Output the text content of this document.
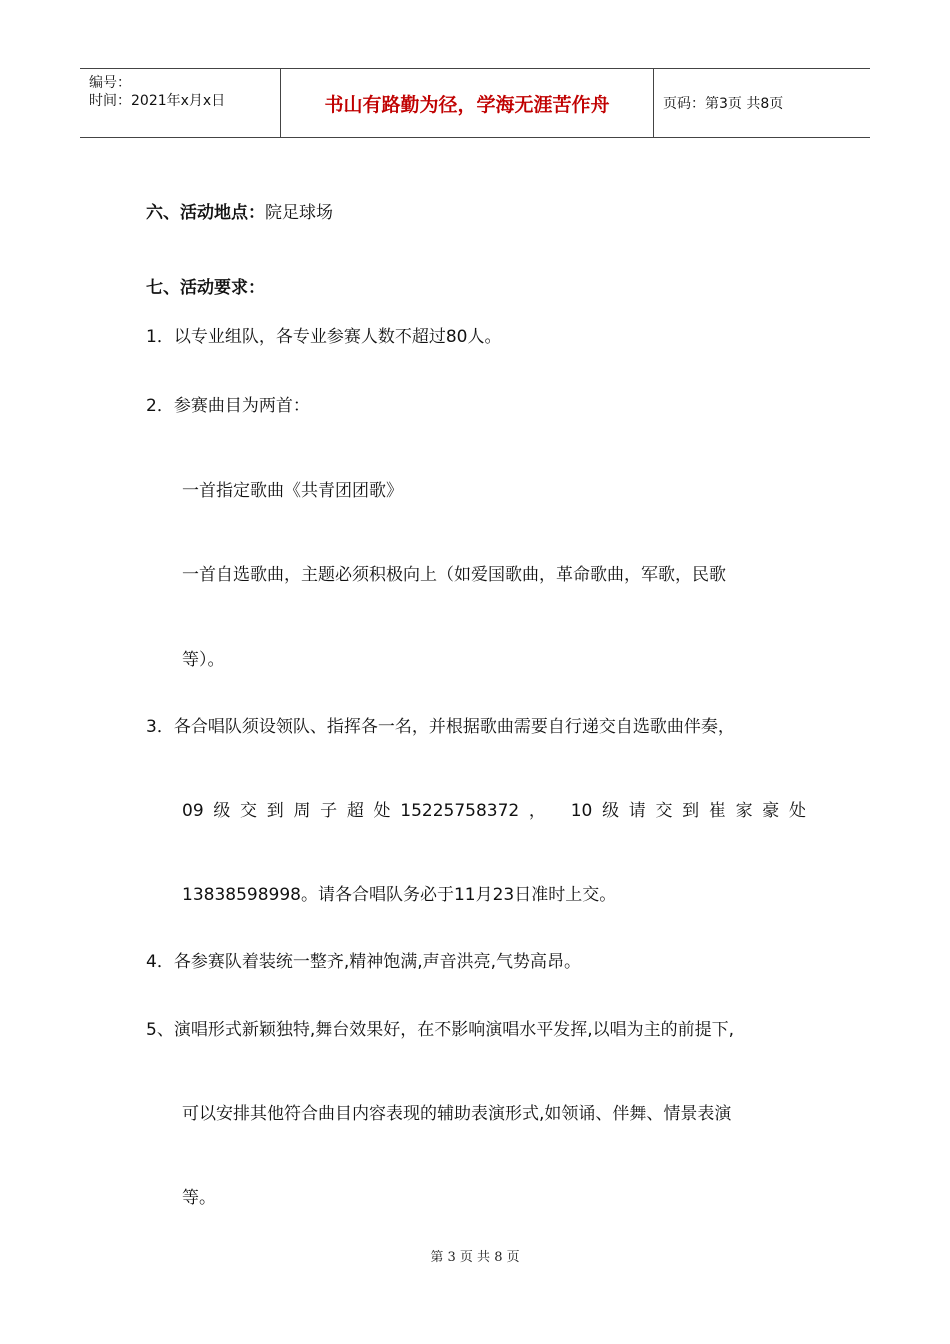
编号：
时间：2021年x月x日	书山有路勤为径，学海无涯苦作舟	页码：第3页 共8页
六、活动地点：院足球场
七、活动要求：
1．以专业组队，各专业参赛人数不超过80人。
2．参赛曲目为两首：
一首指定歌曲《共青团团歌》
一首自选歌曲，主题必须积极向上（如爱国歌曲，革命歌曲，军歌，民歌
等）。
3．各合唱队须设领队、指挥各一名，并根据歌曲需要自行递交自选歌曲伴奏，
09级交到周子超处15225758372， 10级请交到崔家豪处
13838598998。请各合唱队务必于11月23日准时上交。
4．各参赛队着装统一整齐,精神饱满,声音洪亮,气势高昂。
5、演唱形式新颖独特,舞台效果好，在不影响演唱水平发挥,以唱为主的前提下,
可以安排其他符合曲目内容表现的辅助表演形式,如领诵、伴舞、情景表演
等。
第 3 页 共 8 页
